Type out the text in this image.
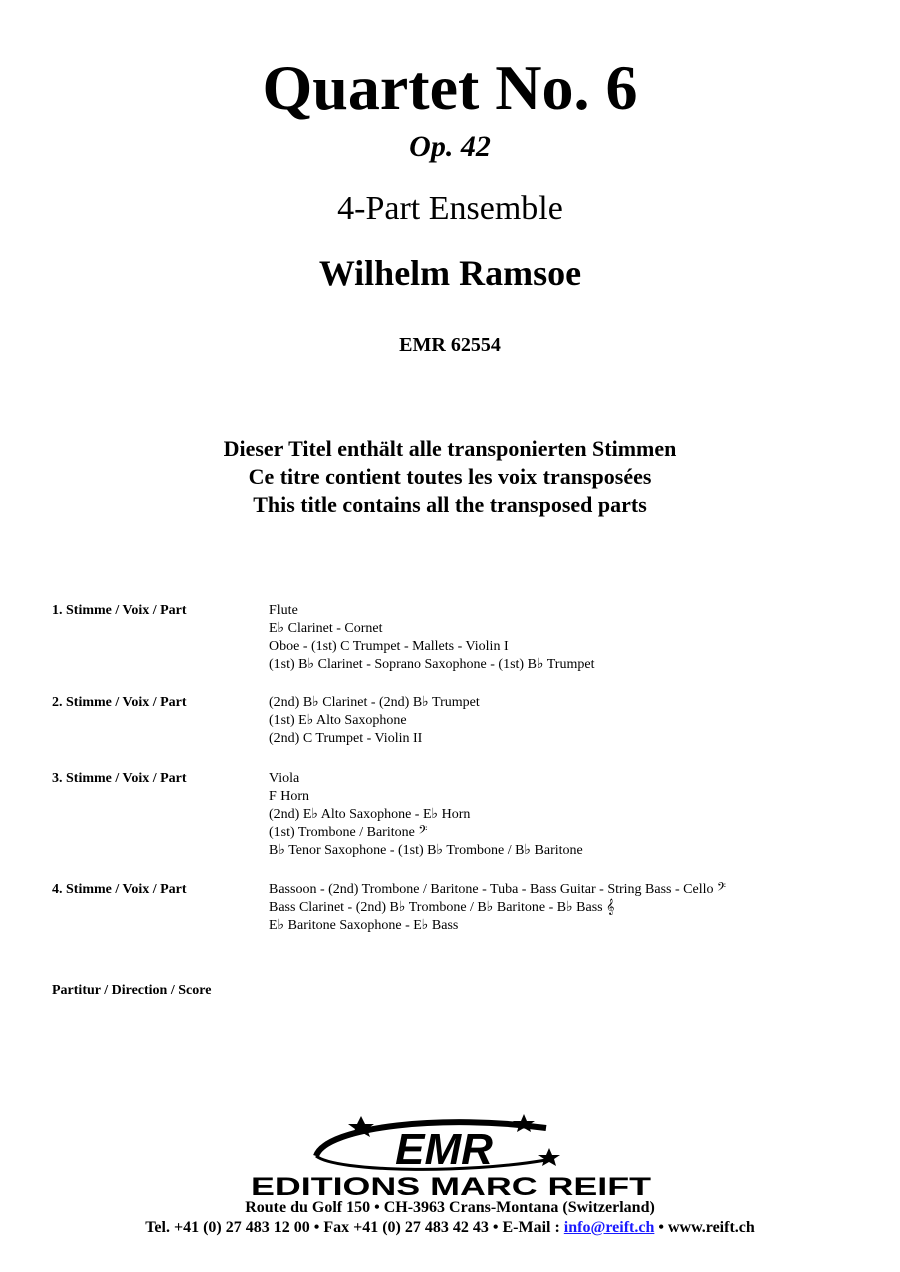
Quartet No. 6
Op. 42
4-Part Ensemble
Wilhelm Ramsoe
EMR 62554
Dieser Titel enthält alle transponierten Stimmen
Ce titre contient toutes les voix transposées
This title contains all the transposed parts
1. Stimme / Voix / Part	Flute
E♭ Clarinet - Cornet
Oboe - (1st) C Trumpet - Mallets - Violin I
(1st) B♭ Clarinet - Soprano Saxophone - (1st) B♭ Trumpet
2. Stimme / Voix / Part	(2nd) B♭ Clarinet - (2nd) B♭ Trumpet
(1st) E♭ Alto Saxophone
(2nd) C Trumpet - Violin II
3. Stimme / Voix / Part	Viola
F Horn
(2nd) E♭ Alto Saxophone - E♭ Horn
(1st) Trombone / Baritone 𝄢
B♭ Tenor Saxophone - (1st) B♭ Trombone / B♭ Baritone
4. Stimme / Voix / Part	Bassoon - (2nd) Trombone / Baritone - Tuba - Bass Guitar - String Bass - Cello 𝄢
Bass Clarinet - (2nd) B♭ Trombone / B♭ Baritone - B♭ Bass 𝄞
E♭ Baritone Saxophone - E♭ Bass
Partitur / Direction / Score
EMR
EDITIONS MARC REIFT
Route du Golf 150 • CH-3963 Crans-Montana (Switzerland)
Tel. +41 (0) 27 483 12 00 • Fax +41 (0) 27 483 42 43 • E-Mail : info@reift.ch • www.reift.ch
